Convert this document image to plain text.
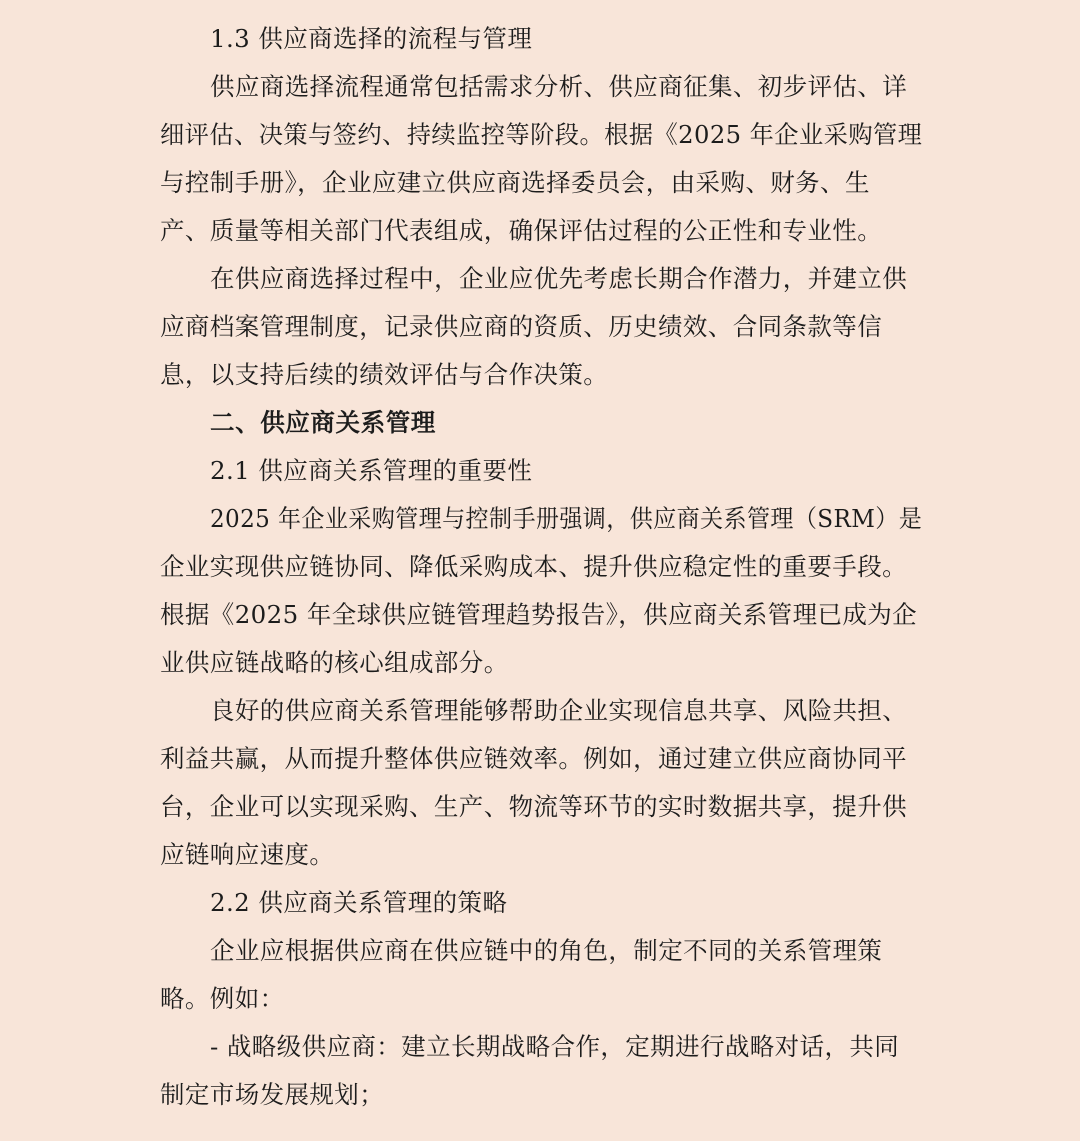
1.3 供应商选择的流程与管理
供应商选择流程通常包括需求分析、供应商征集、初步评估、详
细评估、决策与签约、持续监控等阶段。根据《2025 年企业采购管理
与控制手册》，企业应建立供应商选择委员会，由采购、财务、生
产、质量等相关部门代表组成，确保评估过程的公正性和专业性。
在供应商选择过程中，企业应优先考虑长期合作潜力，并建立供
应商档案管理制度，记录供应商的资质、历史绩效、合同条款等信
息，以支持后续的绩效评估与合作决策。
二、供应商关系管理
2.1 供应商关系管理的重要性
2025 年企业采购管理与控制手册强调，供应商关系管理（SRM）是
企业实现供应链协同、降低采购成本、提升供应稳定性的重要手段。
根据《2025 年全球供应链管理趋势报告》，供应商关系管理已成为企
业供应链战略的核心组成部分。
良好的供应商关系管理能够帮助企业实现信息共享、风险共担、
利益共赢，从而提升整体供应链效率。例如，通过建立供应商协同平
台，企业可以实现采购、生产、物流等环节的实时数据共享，提升供
应链响应速度。
2.2 供应商关系管理的策略
企业应根据供应商在供应链中的角色，制定不同的关系管理策
略。例如：
- 战略级供应商：建立长期战略合作，定期进行战略对话，共同
制定市场发展规划；
